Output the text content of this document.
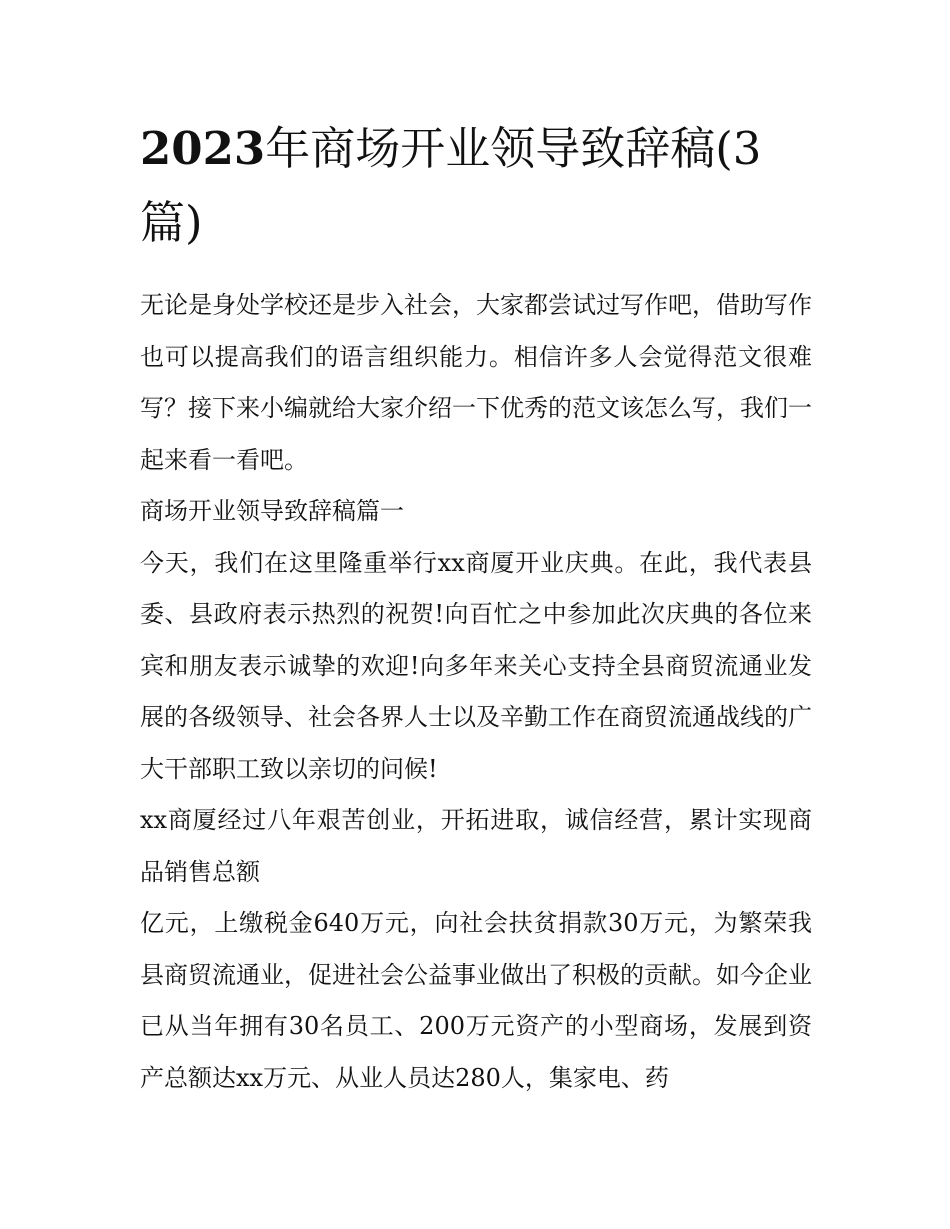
2023年商场开业领导致辞稿(3篇)

无论是身处学校还是步入社会，大家都尝试过写作吧，借助写作也可以提高我们的语言组织能力。相信许多人会觉得范文很难写？接下来小编就给大家介绍一下优秀的范文该怎么写，我们一起来看一看吧。

商场开业领导致辞稿篇一

今天，我们在这里隆重举行xx商厦开业庆典。在此，我代表县委、县政府表示热烈的祝贺!向百忙之中参加此次庆典的各位来宾和朋友表示诚挚的欢迎!向多年来关心支持全县商贸流通业发展的各级领导、社会各界人士以及辛勤工作在商贸流通战线的广大干部职工致以亲切的问候!

xx商厦经过八年艰苦创业，开拓进取，诚信经营，累计实现商品销售总额

亿元，上缴税金640万元，向社会扶贫捐款30万元，为繁荣我县商贸流通业，促进社会公益事业做出了积极的贡献。如今企业已从当年拥有30名员工、200万元资产的小型商场，发展到资产总额达xx万元、从业人员达280人，集家电、药
